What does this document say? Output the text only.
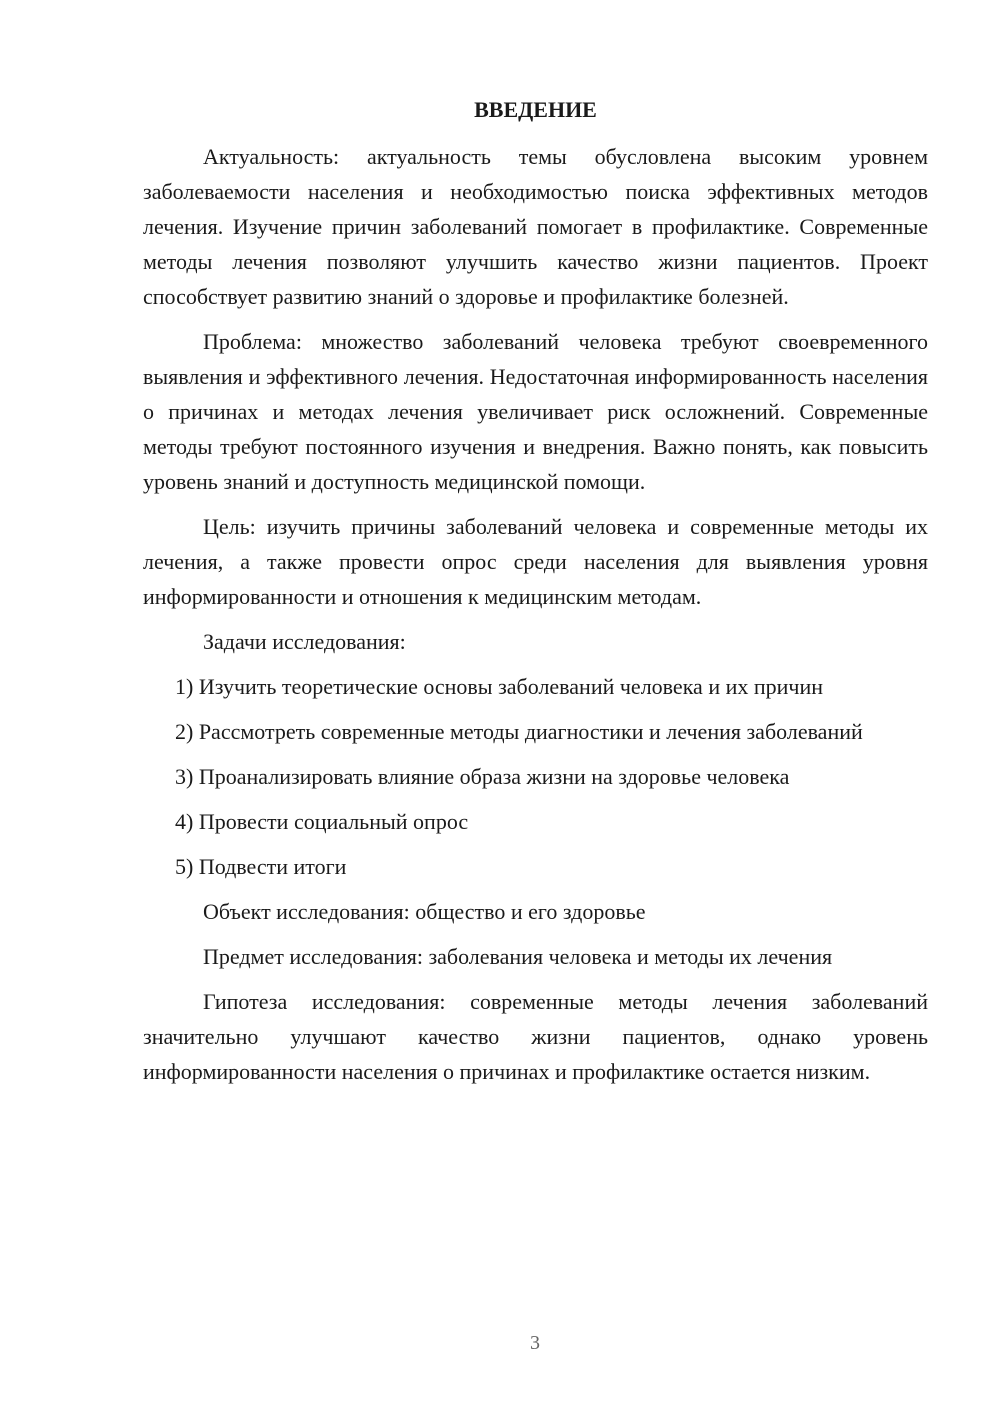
ВВЕДЕНИЕ

Актуальность: актуальность темы обусловлена высоким уровнем заболеваемости населения и необходимостью поиска эффективных методов лечения. Изучение причин заболеваний помогает в профилактике. Современные методы лечения позволяют улучшить качество жизни пациентов. Проект способствует развитию знаний о здоровье и профилактике болезней.

Проблема: множество заболеваний человека требуют своевременного выявления и эффективного лечения. Недостаточная информированность населения о причинах и методах лечения увеличивает риск осложнений. Современные методы требуют постоянного изучения и внедрения. Важно понять, как повысить уровень знаний и доступность медицинской помощи.

Цель: изучить причины заболеваний человека и современные методы их лечения, а также провести опрос среди населения для выявления уровня информированности и отношения к медицинским методам.

Задачи исследования:

1) Изучить теоретические основы заболеваний человека и их причин

2) Рассмотреть современные методы диагностики и лечения заболеваний

3) Проанализировать влияние образа жизни на здоровье человека

4) Провести социальный опрос

5) Подвести итоги

Объект исследования: общество и его здоровье

Предмет исследования: заболевания человека и методы их лечения

Гипотеза исследования: современные методы лечения заболеваний значительно улучшают качество жизни пациентов, однако уровень информированности населения о причинах и профилактике остается низким.

3
